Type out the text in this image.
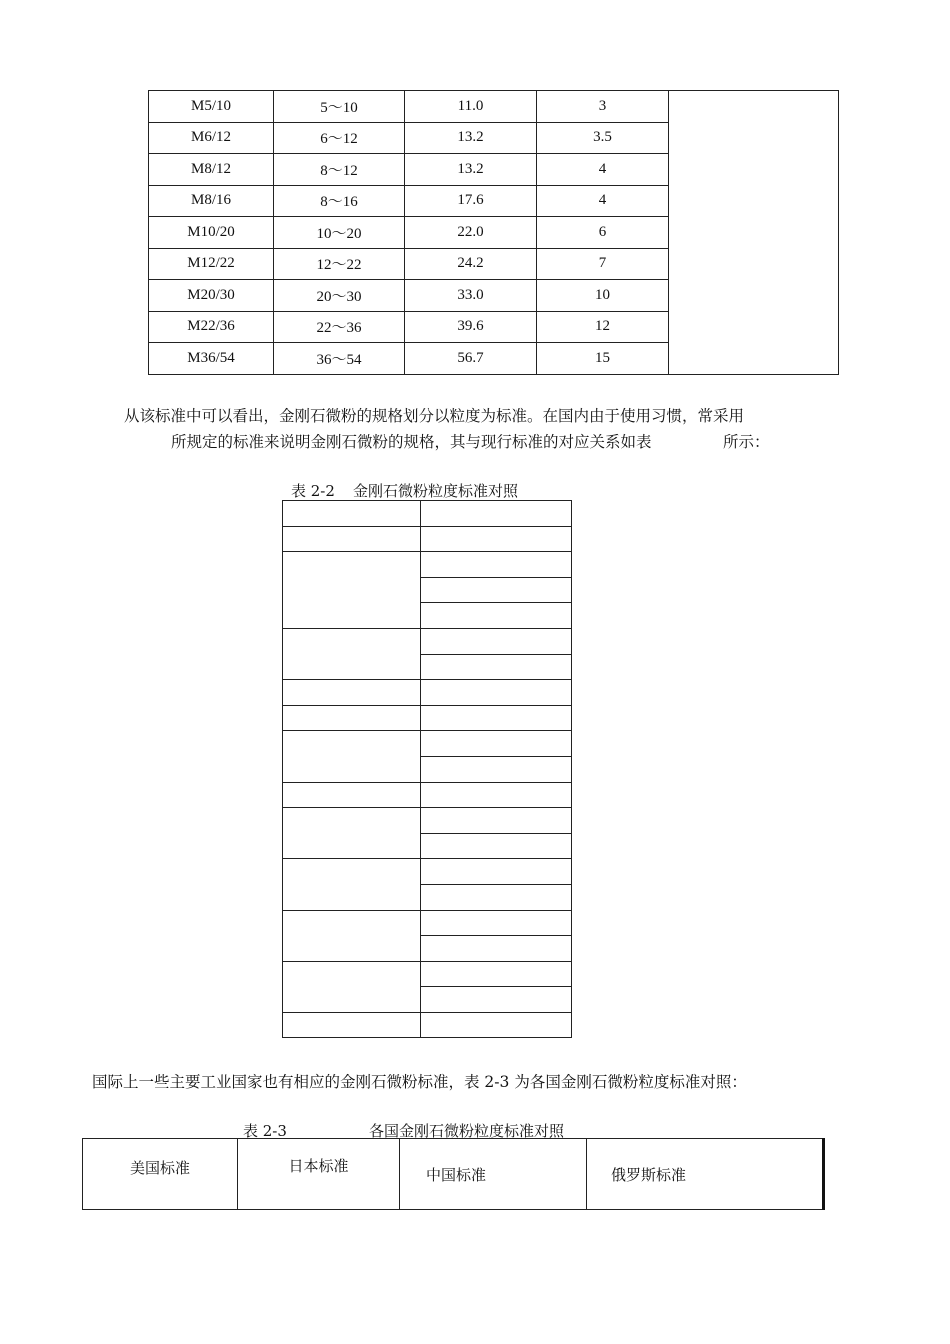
M5/10	5～10	11.0	3	
M6/12	6～12	13.2	3.5	
M8/12	8～12	13.2	4	
M8/16	8～16	17.6	4	
M10/20	10～20	22.0	6	
M12/22	12～22	24.2	7	
M20/30	20～30	33.0	10	
M22/36	22～36	39.6	12	
M36/54	36～54	56.7	15	
从该标准中可以看出，金刚石微粉的规格划分以粒度为标准。在国内由于使用习惯，常采用
所规定的标准来说明金刚石微粉的规格，其与现行标准的对应关系如表	所示：
表 2-2 金刚石微粉粒度标准对照

国际上一些主要工业国家也有相应的金刚石微粉标准，表 2-3 为各国金刚石微粉粒度标准对照：
表 2-3	各国金刚石微粉粒度标准对照
美国标准	日本标准	中国标准	俄罗斯标准
